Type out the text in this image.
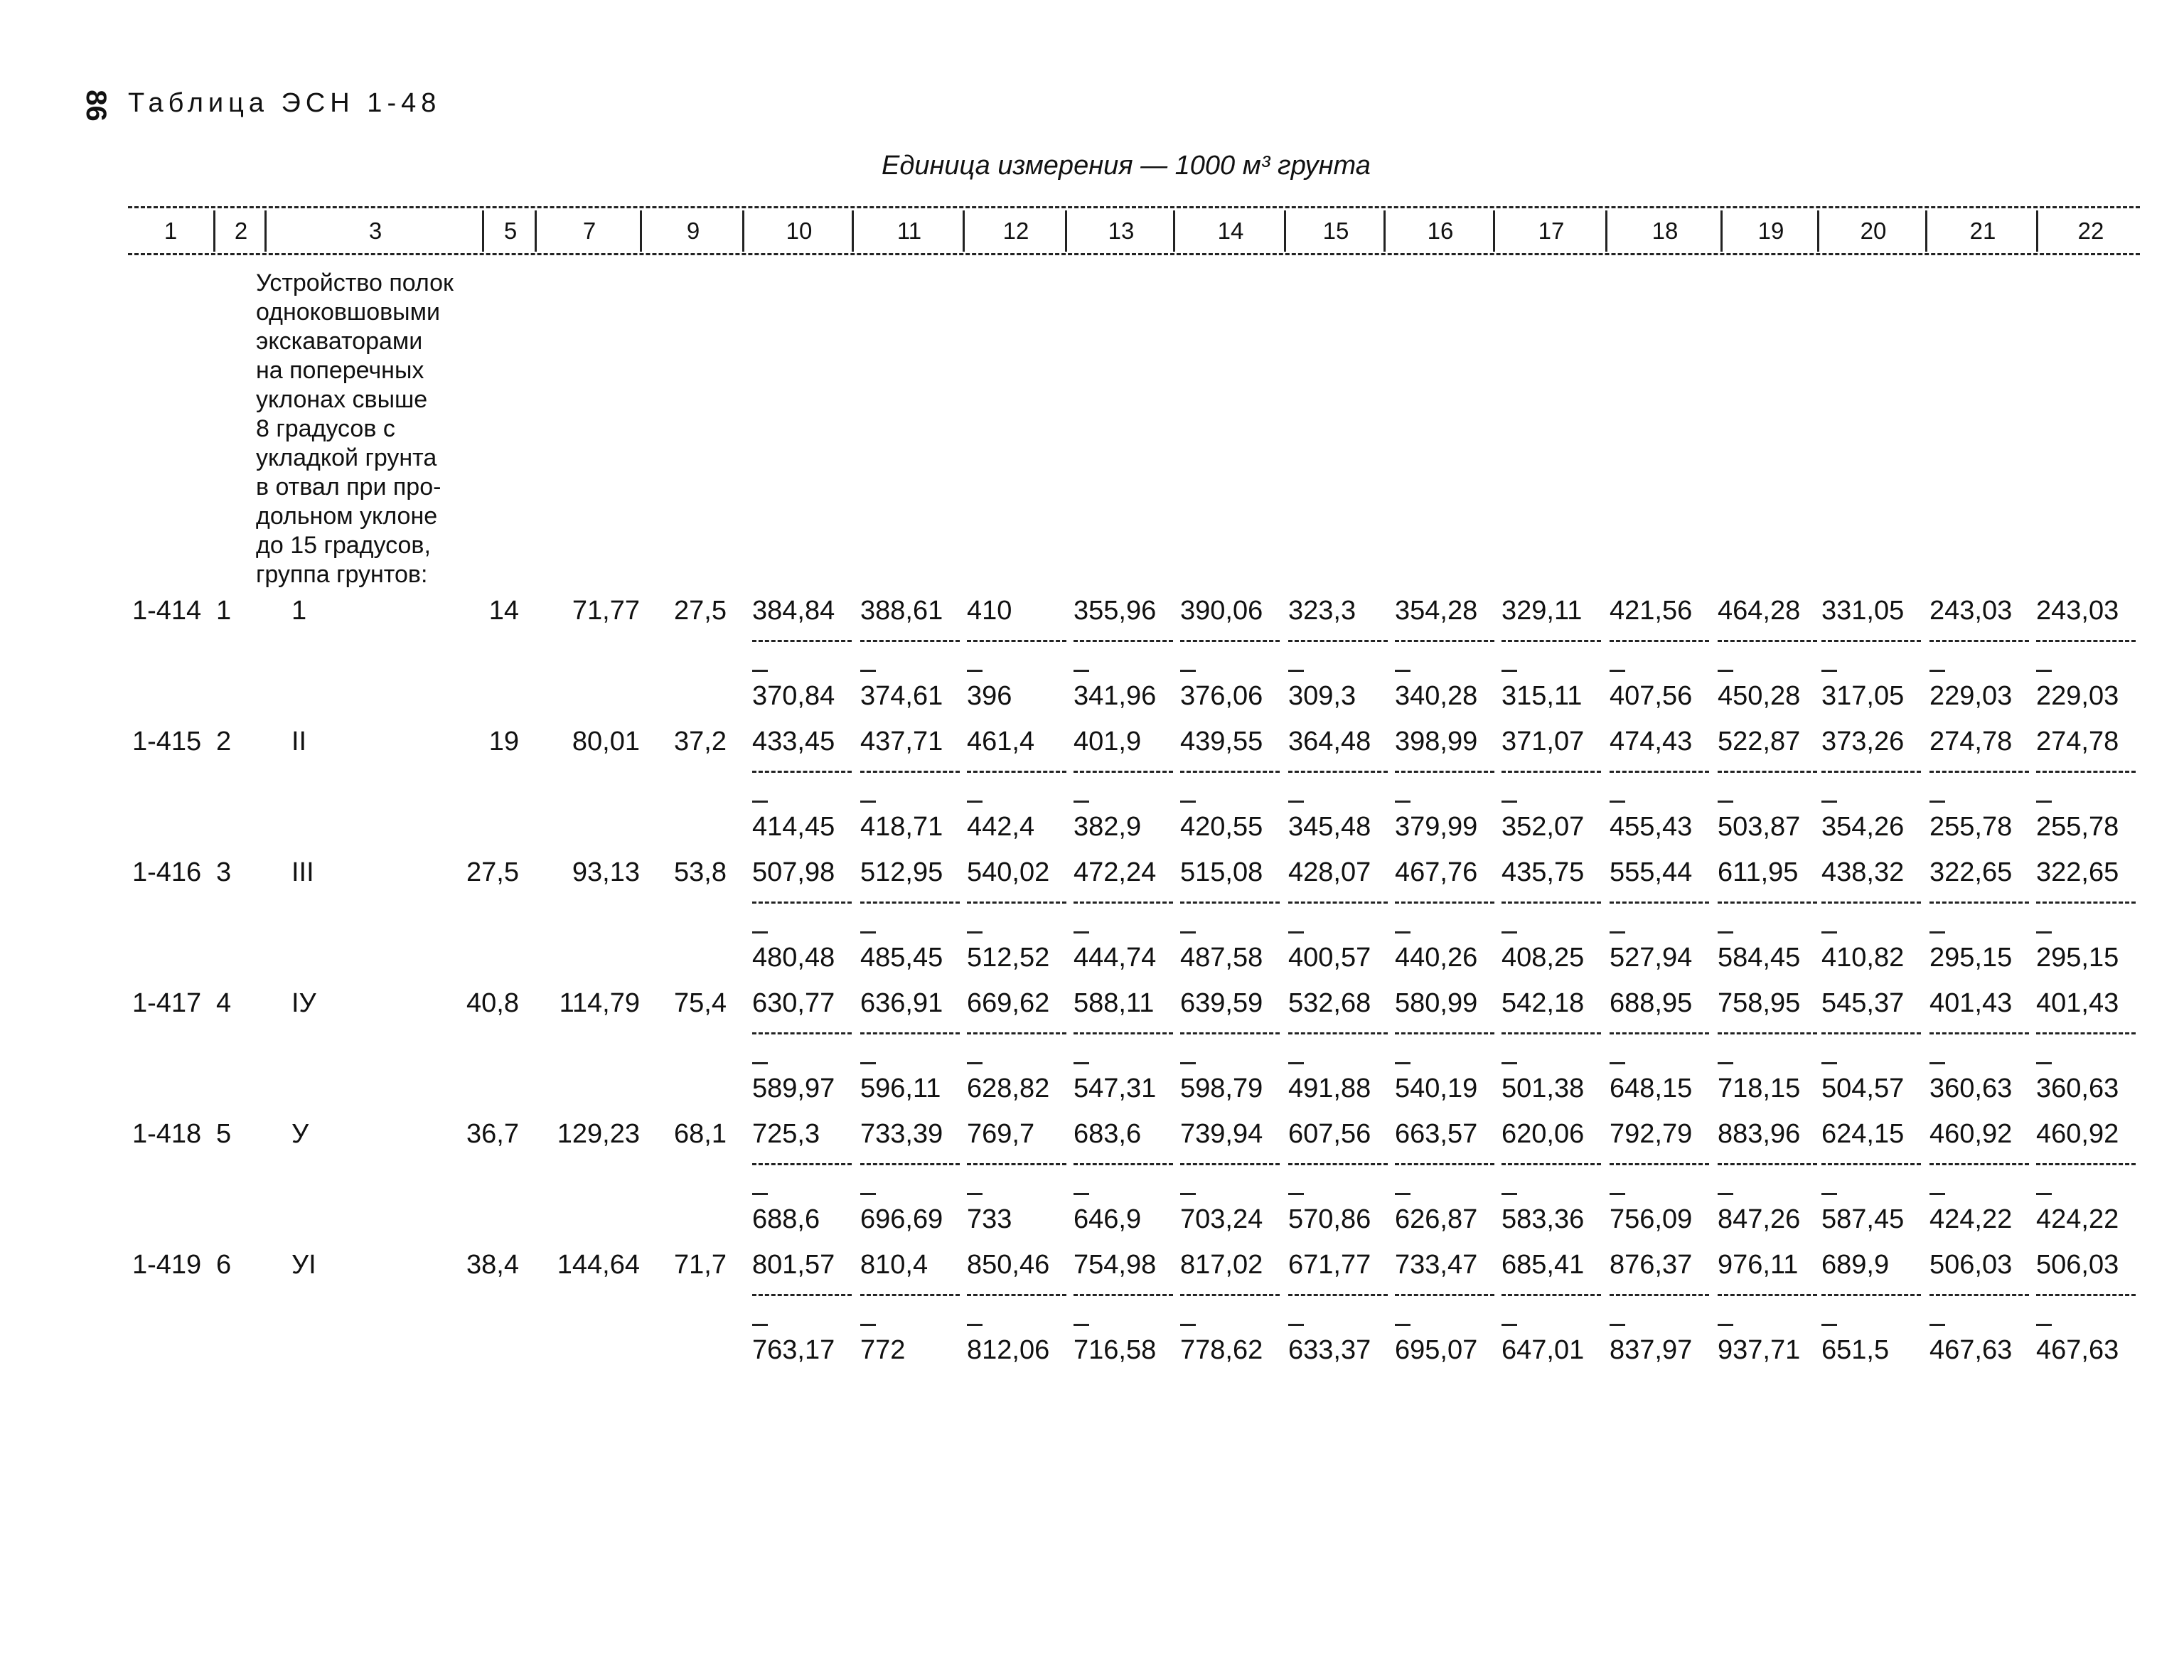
86 Таблица ЭСН 1-48
Единица измерения — 1000 м³ грунта
1	2	3	5	7	9	10	11	12	13	14	15	16	17	18	19	20	21	22
Устройство полок
одноковшовыми
экскаваторами
на поперечных
уклонах свыше
8 градусов с
укладкой грунта
в отвал при про-
дольном уклоне
до 15 градусов,
группа грунтов:
1-414 1 1	14	71,77	27,5 384,84 388,61 410 355,96 390,06 323,3 354,28 329,11 421,56 464,28 331,05 243,03 243,03
370,84 374,61 396 341,96 376,06 309,3 340,28 315,11 407,56 450,28 317,05 229,03 229,03
1-415 2 II	19	80,01	37,2 433,45 437,71 461,4 401,9 439,55 364,48 398,99 371,07 474,43 522,87 373,26 274,78 274,78
414,45 418,71 442,4 382,9 420,55 345,48 379,99 352,07 455,43 503,87 354,26 255,78 255,78
1-416 3 III	27,5	93,13	53,8 507,98 512,95 540,02 472,24 515,08 428,07 467,76 435,75 555,44 611,95 438,32 322,65 322,65
480,48 485,45 512,52 444,74 487,58 400,57 440,26 408,25 527,94 584,45 410,82 295,15 295,15
1-417 4 IУ	40,8	114,79	75,4 630,77 636,91 669,62 588,11 639,59 532,68 580,99 542,18 688,95 758,95 545,37 401,43 401,43
589,97 596,11 628,82 547,31 598,79 491,88 540,19 501,38 648,15 718,15 504,57 360,63 360,63
1-418 5 У	36,7	129,23	68,1 725,3 733,39 769,7 683,6 739,94 607,56 663,57 620,06 792,79 883,96 624,15 460,92 460,92
688,6 696,69 733 646,9 703,24 570,86 626,87 583,36 756,09 847,26 587,45 424,22 424,22
1-419 6 УI	38,4	144,64	71,7 801,57 810,4 850,46 754,98 817,02 671,77 733,47 685,41 876,37 976,11 689,9 506,03 506,03
763,17 772 812,06 716,58 778,62 633,37 695,07 647,01 837,97 937,71 651,5 467,63 467,63
